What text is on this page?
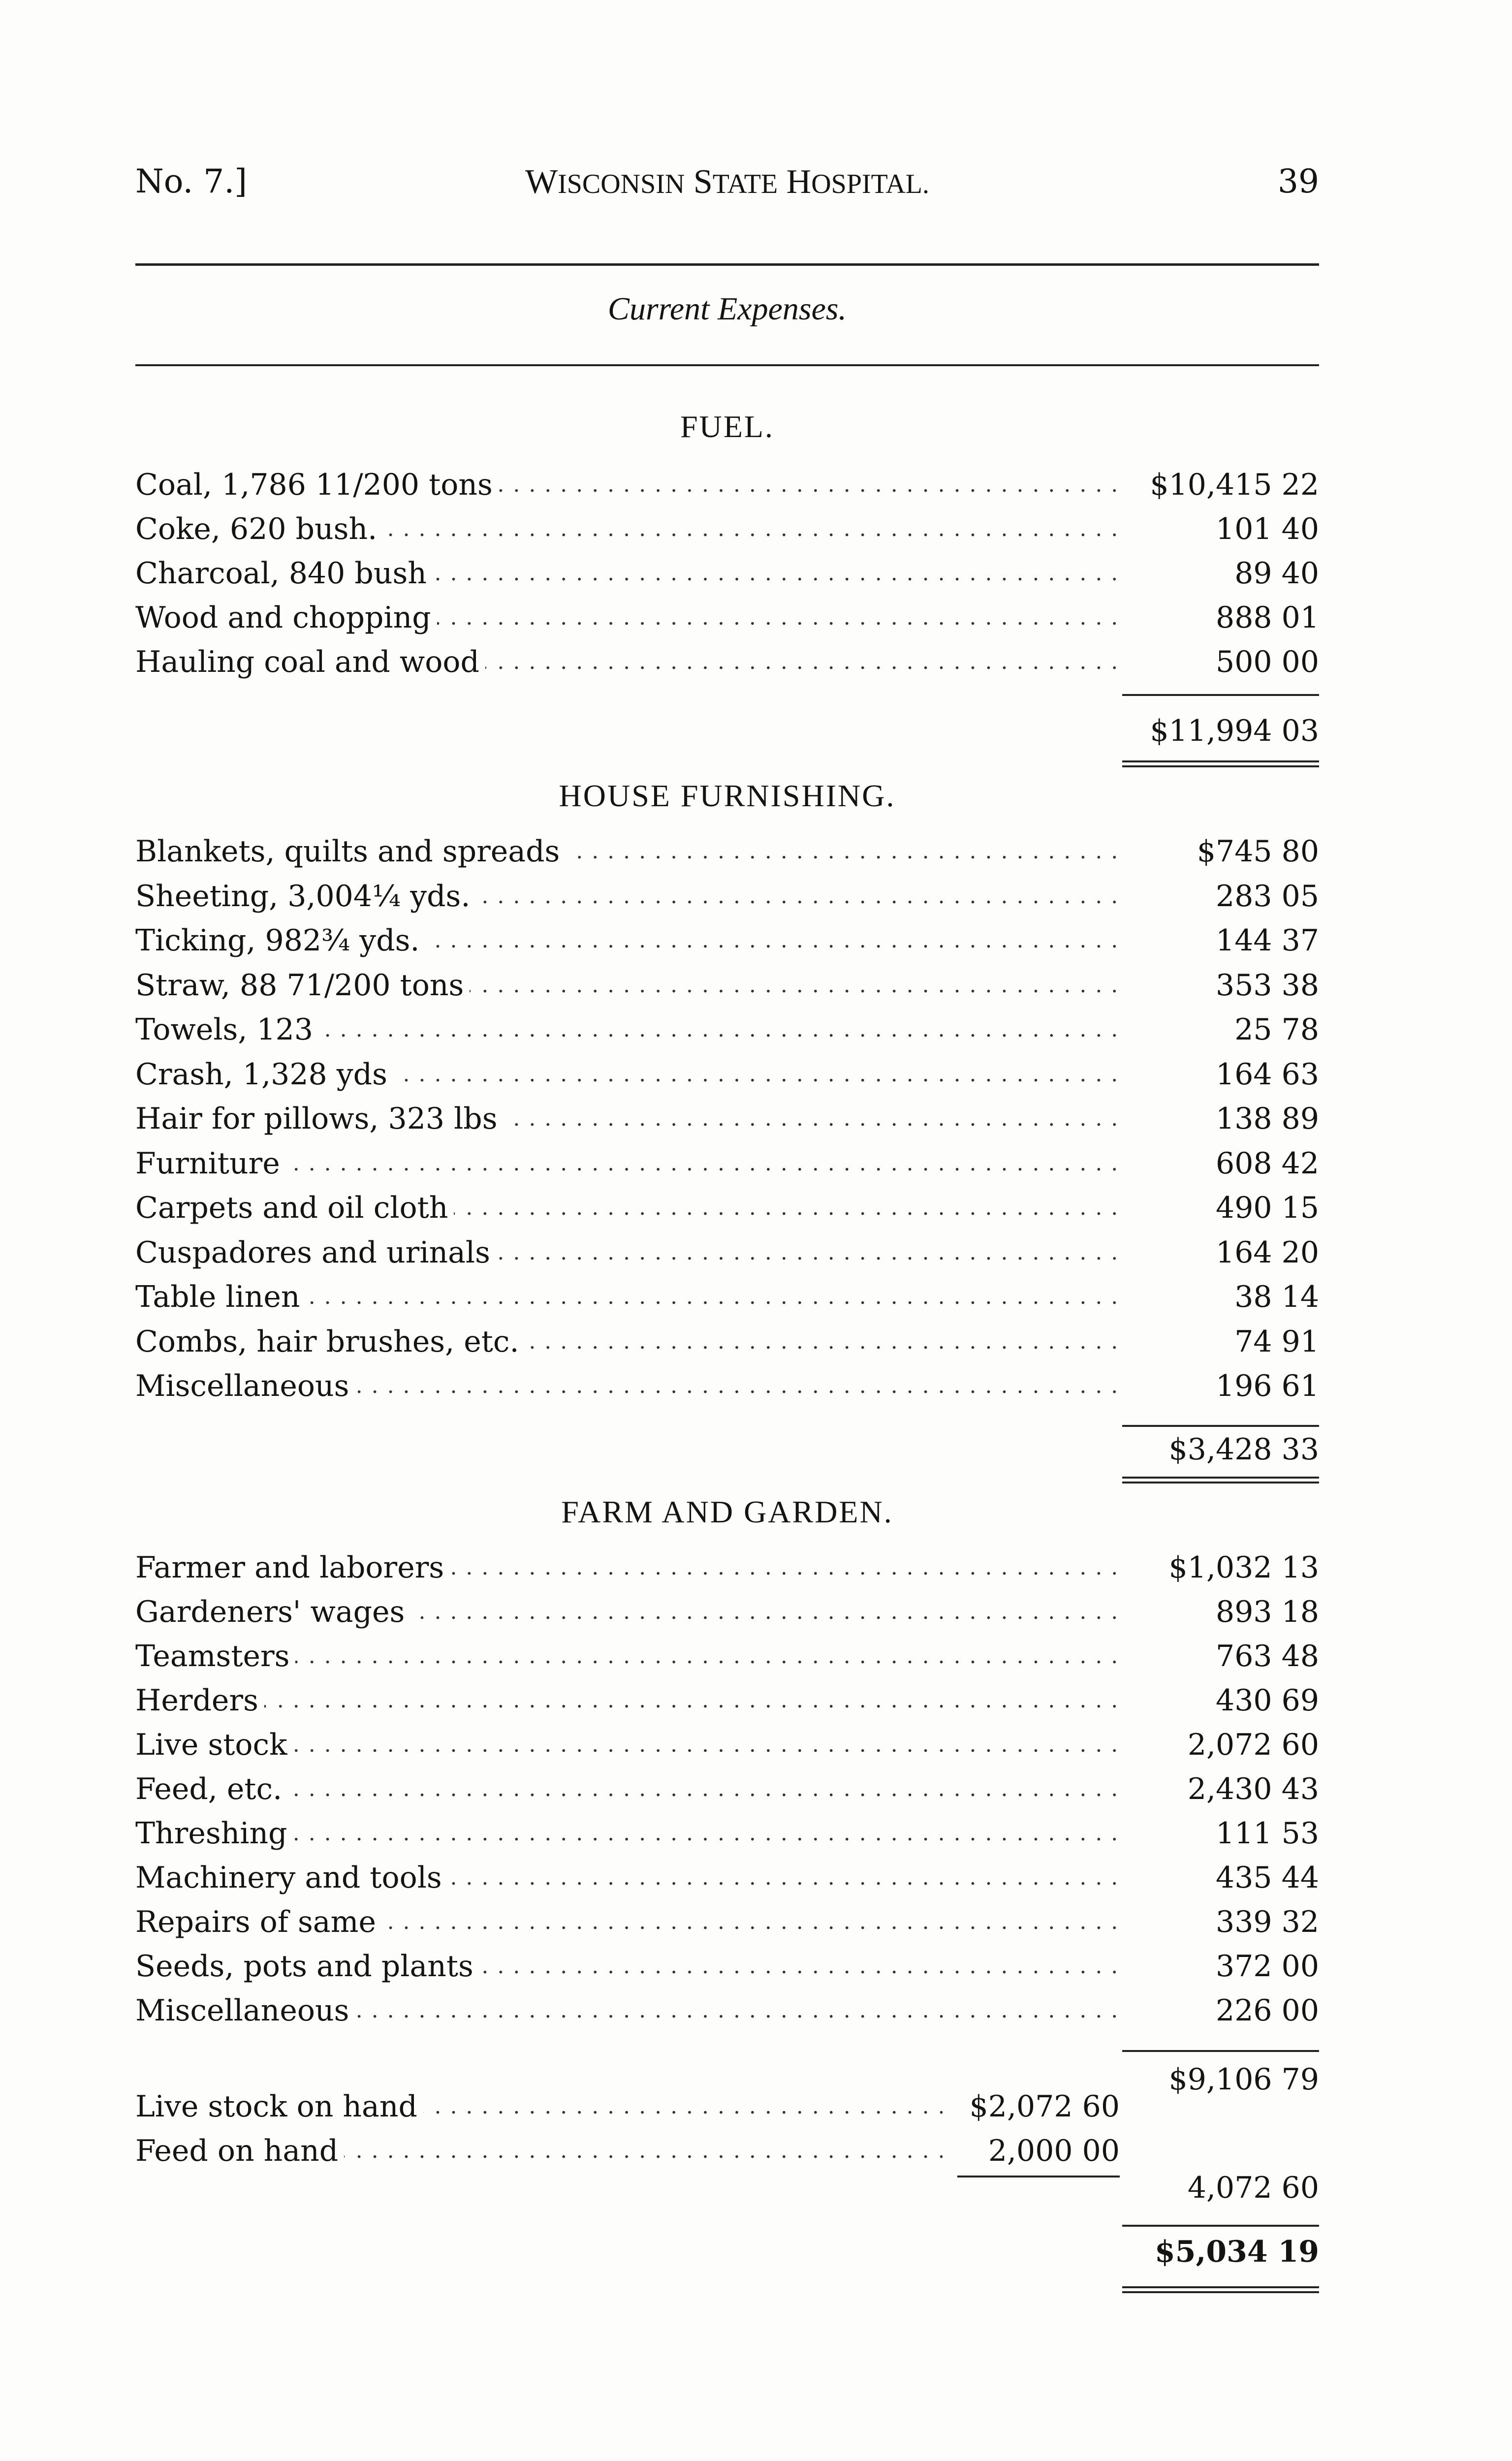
No. 7.]	WISCONSIN STATE HOSPITAL.	39
Current Expenses.
FUEL.
Coal, 1,786 11/200 tons . . .	$10,415 22
Coke, 620 bush. . . .	101 40
Charcoal, 840 bush . . .	89 40
Wood and chopping . . .	888 01
Hauling coal and wood . . .	500 00
$11,994 03
HOUSE FURNISHING.
Blankets, quilts and spreads . . .	$745 80
Sheeting, 3,004¼ yds. . . .	283 05
Ticking, 982¾ yds. . . .	144 37
Straw, 88 71/200 tons . . .	353 38
Towels, 123 . . .	25 78
Crash, 1,328 yds . . .	164 63
Hair for pillows, 323 lbs . . .	138 89
Furniture . . .	608 42
Carpets and oil cloth . . .	490 15
Cuspadores and urinals . . .	164 20
Table linen . . .	38 14
Combs, hair brushes, etc. . . .	74 91
Miscellaneous . . .	196 61
$3,428 33
FARM AND GARDEN.
Farmer and laborers . . .	$1,032 13
Gardeners' wages . . .	893 18
Teamsters . . .	763 48
Herders . . .	430 69
Live stock . . .	2,072 60
Feed, etc. . . .	2,430 43
Threshing . . .	111 53
Machinery and tools . . .	435 44
Repairs of same . . .	339 32
Seeds, pots and plants . . .	372 00
Miscellaneous . . .	226 00
$9,106 79
Live stock on hand . . .	$2,072 60
Feed on hand . . .	2,000 00
4,072 60
$5,034 19
